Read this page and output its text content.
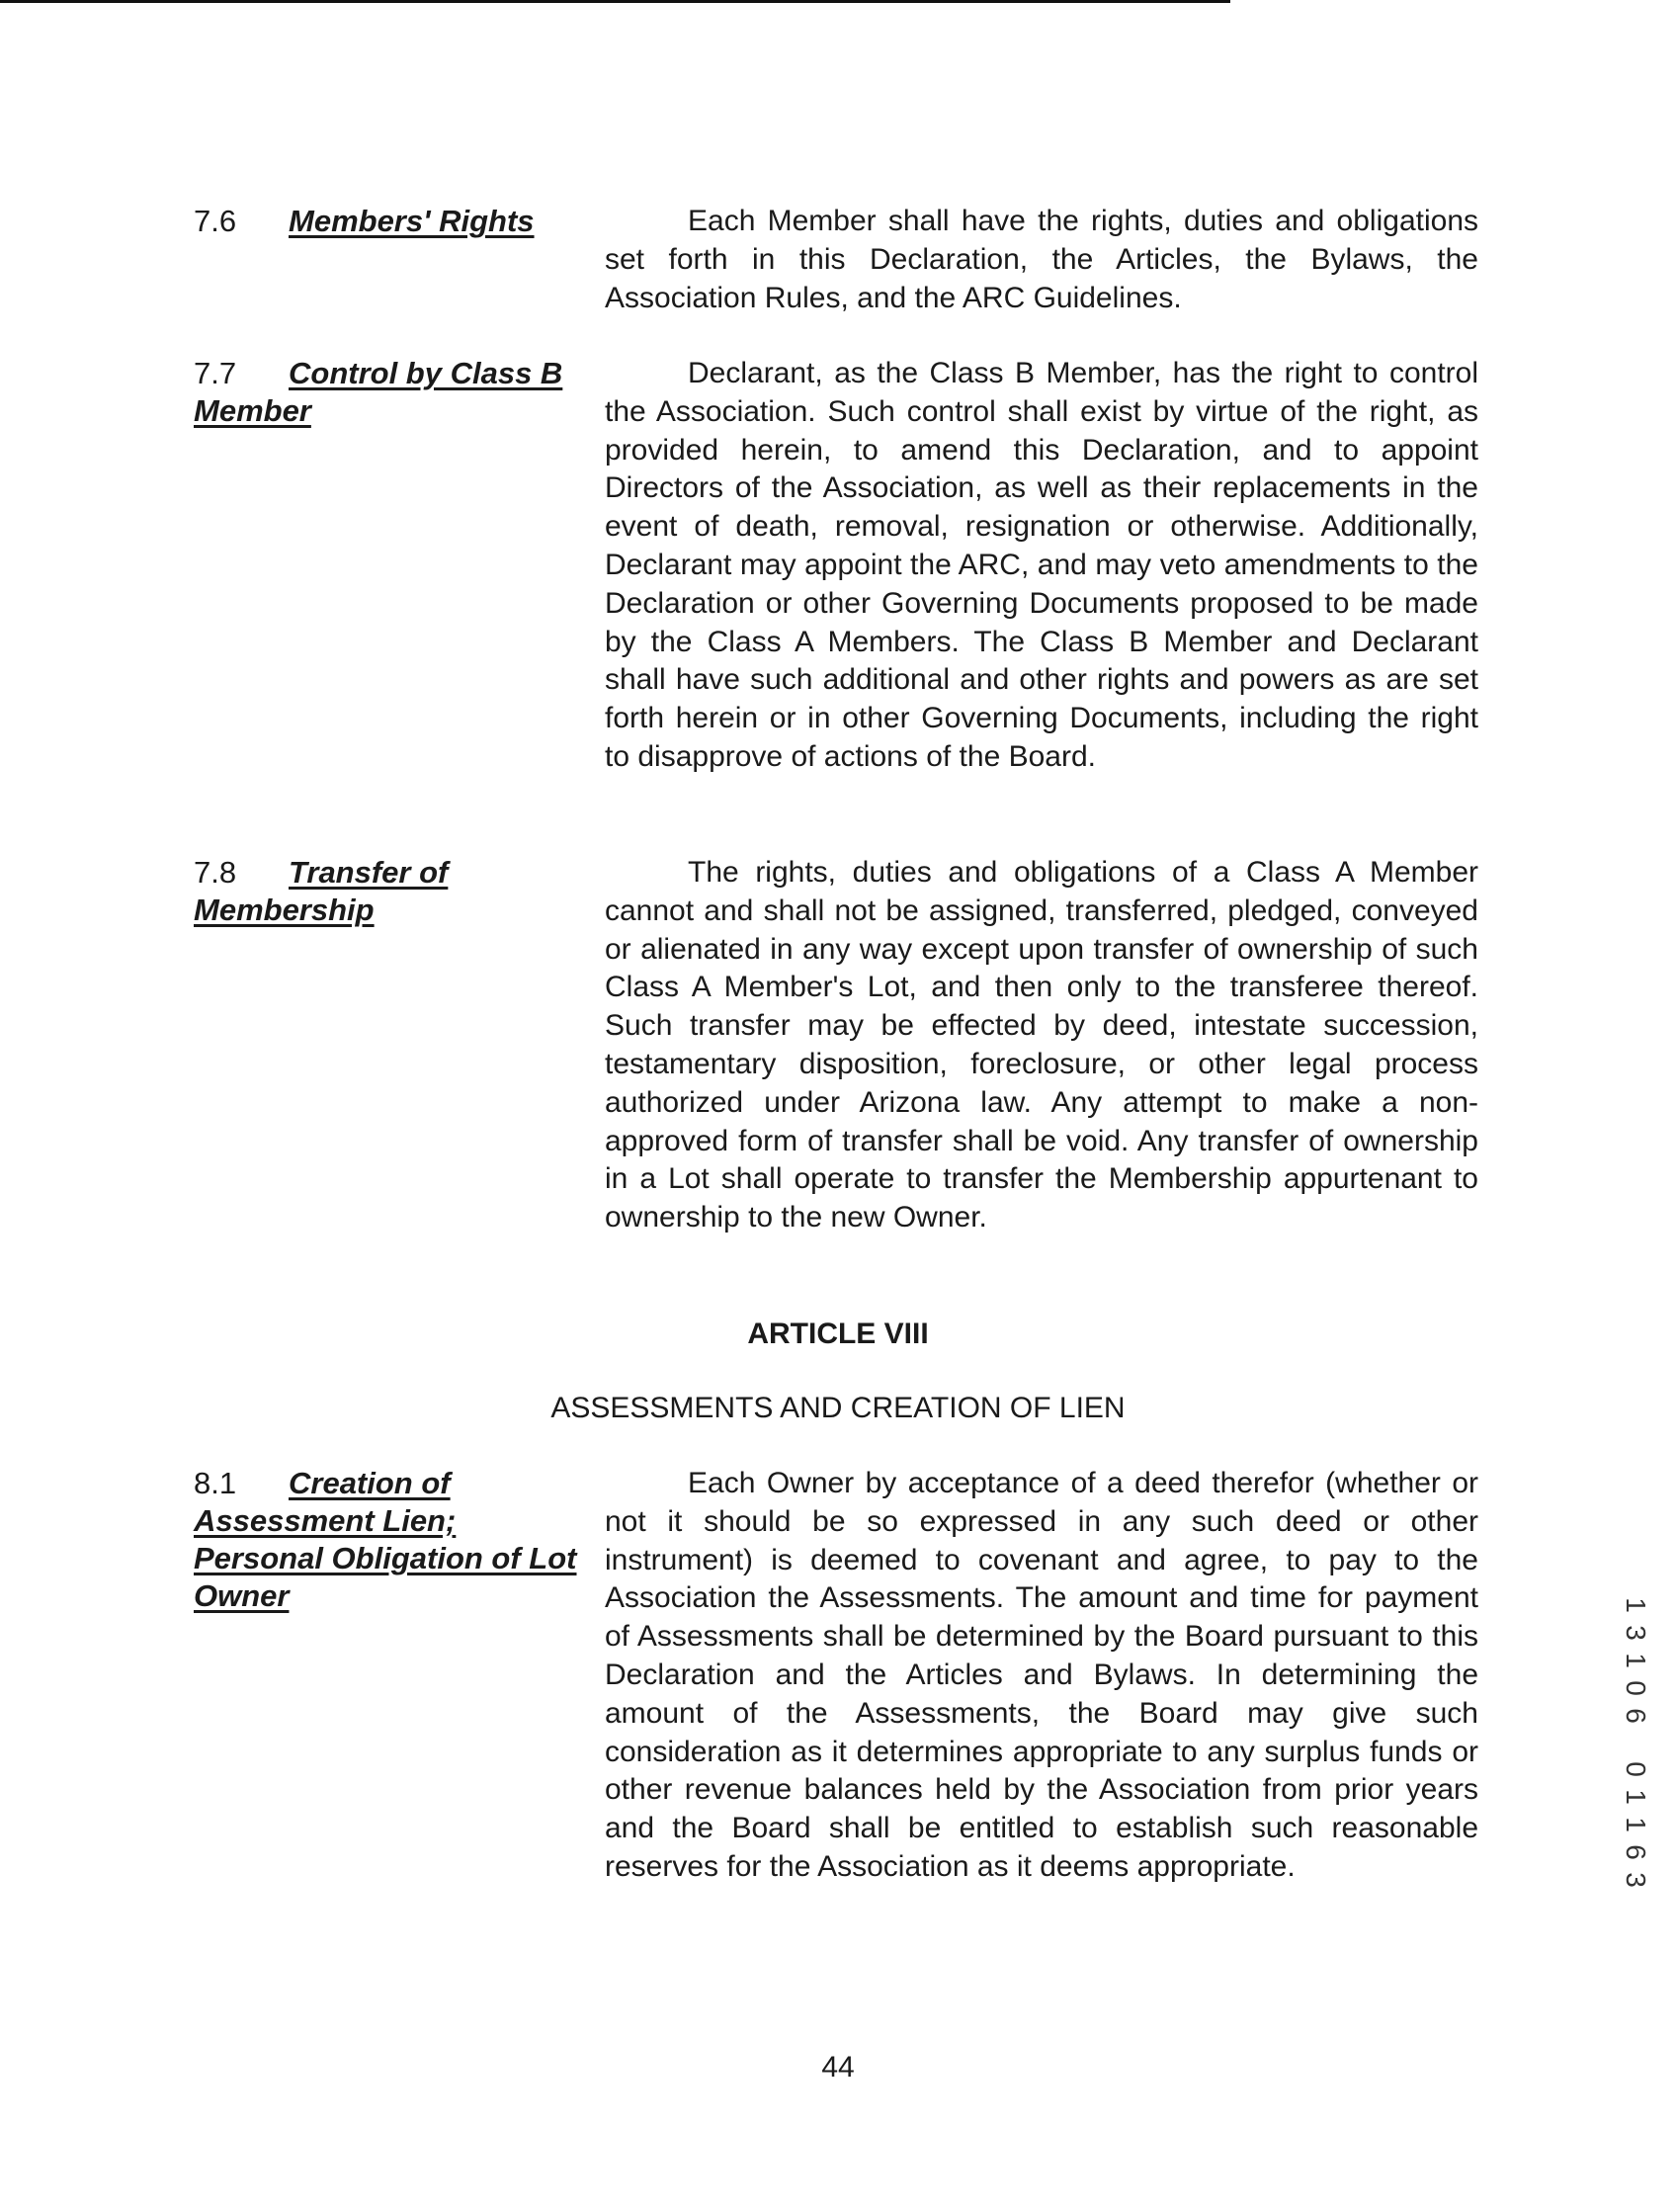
7.6 Members' Rights	Each Member shall have the rights, duties and obligations set forth in this Declaration, the Articles, the Bylaws, the Association Rules, and the ARC Guidelines.
7.7 Control by Class B Member
Declarant, as the Class B Member, has the right to control the Association. Such control shall exist by virtue of the right, as provided herein, to amend this Declaration, and to appoint Directors of the Association, as well as their replacements in the event of death, removal, resignation or otherwise. Additionally, Declarant may appoint the ARC, and may veto amendments to the Declaration or other Governing Documents proposed to be made by the Class A Members. The Class B Member and Declarant shall have such additional and other rights and powers as are set forth herein or in other Governing Documents, including the right to disapprove of actions of the Board.
7.8 Transfer of Membership
The rights, duties and obligations of a Class A Member cannot and shall not be assigned, transferred, pledged, conveyed or alienated in any way except upon transfer of ownership of such Class A Member's Lot, and then only to the transferee thereof. Such transfer may be effected by deed, intestate succession, testamentary disposition, foreclosure, or other legal process authorized under Arizona law. Any attempt to make a non-approved form of transfer shall be void. Any transfer of ownership in a Lot shall operate to transfer the Membership appurtenant to ownership to the new Owner.
ARTICLE VIII
ASSESSMENTS AND CREATION OF LIEN
8.1 Creation of Assessment Lien; Personal Obligation of Lot Owner
Each Owner by acceptance of a deed therefor (whether or not it should be so expressed in any such deed or other instrument) is deemed to covenant and agree, to pay to the Association the Assessments. The amount and time for payment of Assessments shall be determined by the Board pursuant to this Declaration and the Articles and Bylaws. In determining the amount of the Assessments, the Board may give such consideration as it determines appropriate to any surplus funds or other revenue balances held by the Association from prior years and the Board shall be entitled to establish such reasonable reserves for the Association as it deems appropriate.
44
1
3
1
0
6
0
1
1
6
3
